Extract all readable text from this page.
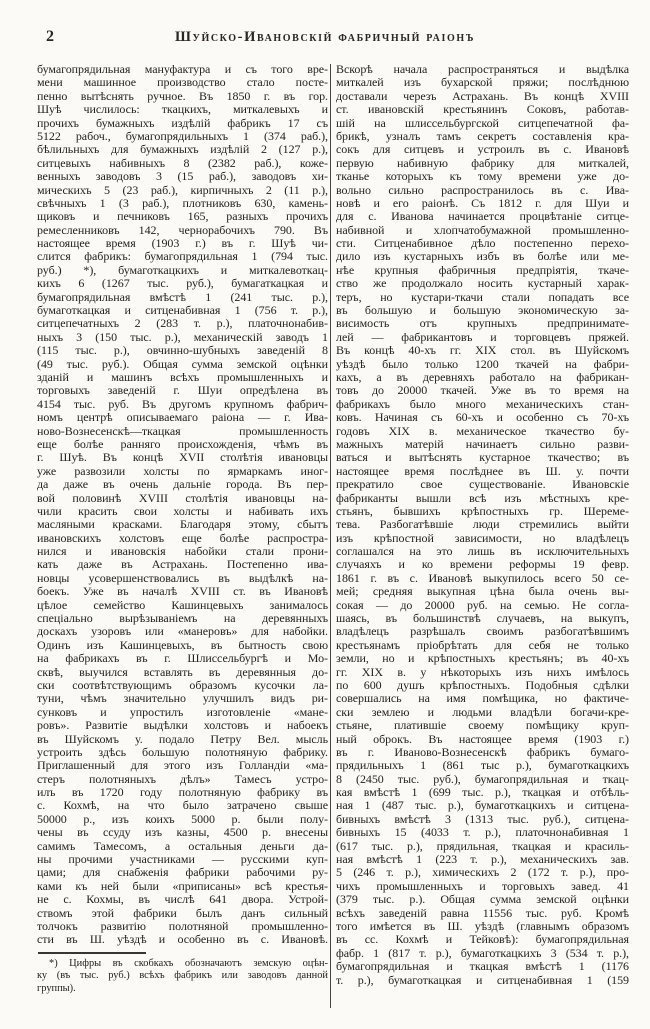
2	Шуйско-Ивановскій фабричный раіонъ
бумагопрядильная мануфактура и съ того вре-
мени машинное производство стало посте-
пенно вытѣснять ручное. Въ 1850 г. въ гор.
Шуѣ числилось: ткацкихъ, миткалевыхъ и
прочихъ бумажныхъ издѣлій фабрикъ 17 съ
5122 рабоч., бумагопрядильныхъ 1 (374 раб.),
бѣлильныхъ для бумажныхъ издѣлій 2 (127 р.),
ситцевыхъ набивныхъ 8 (2382 раб.), коже-
венныхъ заводовъ 3 (15 раб.), заводовъ хи-
мическихъ 5 (23 раб.), кирпичныхъ 2 (11 р.),
свѣчныхъ 1 (3 раб.), плотниковъ 630, камень-
щиковъ и печниковъ 165, разныхъ прочихъ
ремесленниковъ 142, чернорабочихъ 790. Въ
настоящее время (1903 г.) въ г. Шуѣ чи-
слится фабрикъ: бумагопрядильная 1 (794 тыс.
руб.) *), бумаготкацкихъ и миткалевоткац-
кихъ 6 (1267 тыс. руб.), бумагаткацкая и
бумагопрядильная вмѣстѣ 1 (241 тыс. р.),
бумаготкацкая и ситценабивная 1 (756 т. р.),
ситцепечатныхъ 2 (283 т. р.), платочнонабив-
ныхъ 3 (150 тыс. р.), механическій заводъ 1
(115 тыс. р.), овчинно-шубныхъ заведеній 8
(49 тыс. руб.). Общая сумма земской оцѣнки
зданій и машинъ всѣхъ промышленныхъ и
торговыхъ заведеній г. Шуи опредѣлена въ
4154 тыс. руб. Въ другомъ крупномъ фабрич-
номъ центрѣ описываемаго раіона — г. Ива-
ново-Вознесенскѣ—ткацкая промышленность
еще болѣе ранняго происхожденія, чѣмъ въ
г. Шуѣ. Въ концѣ XVII столѣтія ивановцы
уже развозили холсты по ярмаркамъ иног-
да даже въ очень дальніе города. Въ пер-
вой половинѣ XVIII столѣтія ивановцы на-
чили красить свои холсты и набивать ихъ
масляными красками. Благодаря этому, сбытъ
ивановскихъ холстовъ еще болѣе распростра-
нился и ивановскія набойки стали прони-
кать даже въ Астрахань. Постепенно ива-
новцы усовершенствовались въ выдѣлкѣ на-
боекъ. Уже въ началѣ XVIII ст. въ Ивановѣ
цѣлое семейство Кашинцевыхъ занималось
спеціально вырѣзываніемъ на деревянныхъ
доскахъ узоровъ или «манеровъ» для набойки.
Одинъ изъ Кашинцевыхъ, въ бытность свою
на фабрикахъ въ г. Шлиссельбургѣ и Мо-
сквѣ, выучился вставлять въ деревянныя до-
ски соотвѣтствующимъ образомъ кусочки ла-
туни, чѣмъ значительно улучшилъ видъ ри-
сунковъ и упростилъ изготовленіе «мане-
ровъ». Развитіе выдѣлки холстовъ и набоекъ
въ Шуйскомъ у. подало Петру Вел. мысль
устроить здѣсь большую полотняную фабрику.
Приглашенный для этого изъ Голландіи «ма-
стеръ полотняныхъ дѣлъ» Тамесъ устро-
илъ въ 1720 году полотняную фабрику въ
с. Кохмѣ, на что было затрачено свыше
50000 р., изъ коихъ 5000 р. были полу-
чены въ ссуду изъ казны, 4500 р. внесены
самимъ Тамесомъ, а остальныя деньги да-
ны прочими участниками — русскими куп-
цами; для снабженія фабрики рабочими ру-
ками къ ней были «приписаны» всѣ крестья-
не с. Кохмы, въ числѣ 641 двора. Устрой-
ствомъ этой фабрики былъ данъ сильный
толчокъ развитію полотняной промышленно-
сти въ Ш. уѣздѣ и особенно въ с. Ивановѣ.
Вскорѣ начала распространяться и выдѣлка
миткалей изъ бухарской пряжи; послѣднюю
доставали черезъ Астрахань. Въ концѣ XVIII
ст. ивановскій крестьянинъ Соковъ, работав-
шій на шлиссельбургской ситцепечатной фа-
брикѣ, узналъ тамъ секретъ составленія кра-
сокъ для ситцевъ и устроилъ въ с. Ивановѣ
первую набивную фабрику для миткалей,
тканье которыхъ къ тому времени уже до-
вольно сильно распространилось въ с. Ива-
новѣ и его раіонѣ. Съ 1812 г. для Шуи и
для с. Иванова начинается процвѣтаніе ситце-
набивной и хлопчатобумажной промышленно-
сти. Ситценабивное дѣло постепенно перехо-
дило изъ кустарныхъ избъ въ болѣе или ме-
нѣе крупныя фабричныя предпріятія, ткаче-
ство же продолжало носить кустарный харак-
теръ, но кустари-ткачи стали попадать все
въ большую и большую экономическую за-
висимость отъ крупныхъ предпринимате-
лей — фабрикантовъ и торговцевъ пряжей.
Въ концѣ 40-хъ гг. XIX стол. въ Шуйскомъ
уѣздѣ было только 1200 ткачей на фабри-
кахъ, а въ деревняхъ работало на фабрикан-
товъ до 20000 ткачей. Уже въ то время на
фабрикахъ было много механическихъ стан-
ковъ. Начиная съ 60-хъ и особенно съ 70-хъ
годовъ XIX в. механическое ткачество бу-
мажныхъ матерій начинаетъ сильно разви-
ваться и вытѣснять кустарное ткачество; въ
настоящее время послѣднее въ Ш. у. почти
прекратило свое существованіе. Ивановскіе
фабриканты вышли всѣ изъ мѣстныхъ кре-
стьянъ, бывшихъ крѣпостныхъ гр. Шереме-
тева. Разбогатѣвшіе люди стремились выйти
изъ крѣпостной зависимости, но владѣлецъ
соглашался на это лишь въ исключительныхъ
случаяхъ и ко времени реформы 19 февр.
1861 г. въ с. Ивановѣ выкупилось всего 50 се-
мей; средняя выкупная цѣна была очень вы-
сокая — до 20000 руб. на семью. Не согла-
шаясь, въ большинствѣ случаевъ, на выкупъ,
владѣлецъ разрѣшалъ своимъ разбогатѣвшимъ
крестьянамъ пріобрѣтать для себя не только
земли, но и крѣпостныхъ крестьянъ; въ 40-хъ
гг. XIX в. у нѣкоторыхъ изъ нихъ имѣлось
по 600 душъ крѣпостныхъ. Подобныя сдѣлки
совершались на имя помѣщика, но фактиче-
ски землею и людьми владѣли богачи-кре-
стьяне, платившіе своему помѣщику круп-
ный оброкъ. Въ настоящее время (1903 г.)
въ г. Иваново-Вознесенскѣ фабрикъ бумаго-
прядильныхъ 1 (861 тыс р.), бумаготкацкихъ
8 (2450 тыс. руб.), бумагопрядильная и ткац-
кая вмѣстѣ 1 (699 тыс. р.), ткацкая и отбѣль-
ная 1 (487 тыс. р.), бумаготкацкихъ и ситцена-
бивныхъ вмѣстѣ 3 (1313 тыс. руб.), ситцена-
бивныхъ 15 (4033 т. р.), платочнонабивная 1
(617 тыс. р.), прядильная, ткацкая и красиль-
ная вмѣстѣ 1 (223 т. р.), механическихъ зав.
5 (246 т. р.), химическихъ 2 (172 т. р.), про-
чихъ промышленныхъ и торговыхъ завед. 41
(379 тыс. р.). Общая сумма земской оцѣнки
всѣхъ заведеній равна 11556 тыс. руб. Кромѣ
того имѣется въ Ш. уѣздѣ (главнымъ образомъ
въ сс. Кохмѣ и Тейковѣ): бумагопрядильная
фабр. 1 (817 т. р.), бумаготкацкихъ 3 (534 т. р.),
бумагопрядильная и ткацкая вмѣстѣ 1 (1176
т. р.), бумаготкацкая и ситценабивная 1 (159
*) Цифры въ скобкахъ обозначаютъ земскую оцѣн-
ку (въ тыс. руб.) всѣхъ фабрикъ или заводовъ данной
группы).
